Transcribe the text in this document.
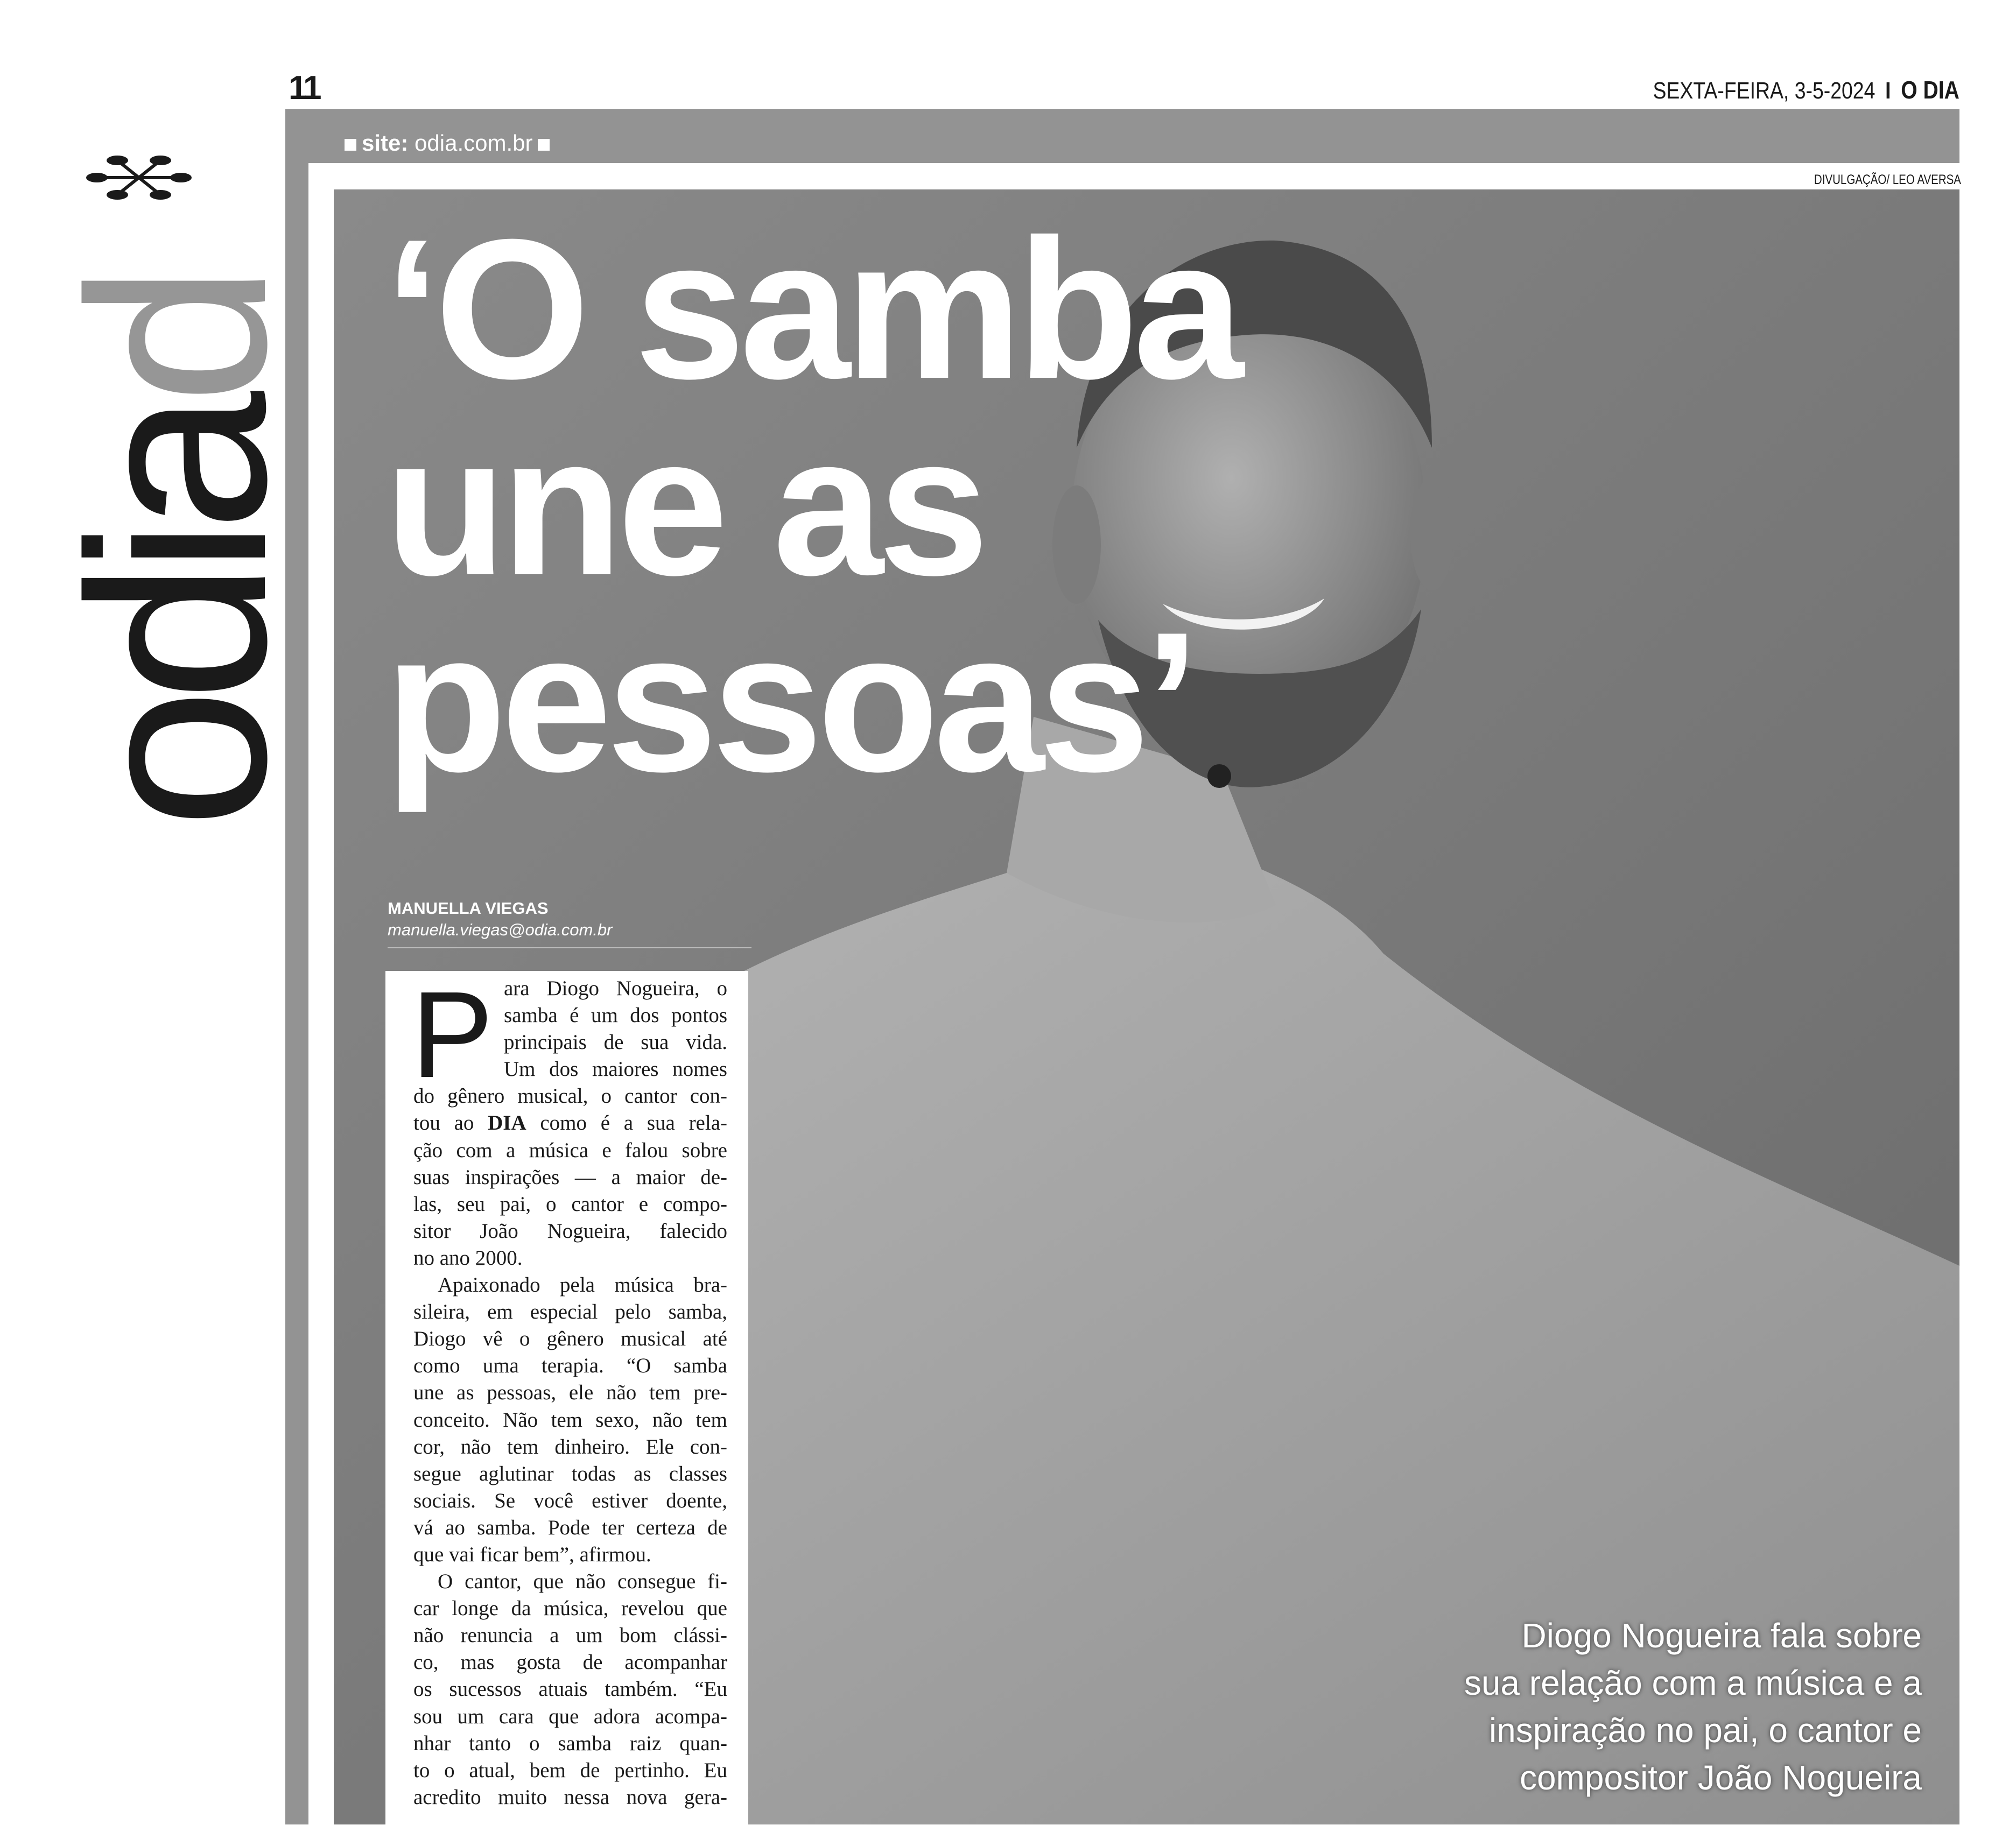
11	SEXTA-FEIRA, 3-5-2024 I O DIA
site: odia.com.br
odiad
DIVULGAÇÃO/ LEO AVERSA
‘O samba
une as
pessoas’
MANUELLA VIEGAS
manuella.viegas@odia.com.br
P ara Diogo Nogueira, o
samba é um dos pontos
principais de sua vida.
Um dos maiores nomes
do gênero musical, o cantor con-
tou ao DIA como é a sua rela-
ção com a música e falou sobre
suas inspirações — a maior de-
las, seu pai, o cantor e compo-
sitor João Nogueira, falecido
no ano 2000.
Apaixonado pela música bra-
sileira, em especial pelo samba,
Diogo vê o gênero musical até
como uma terapia. “O samba
une as pessoas, ele não tem pre-
conceito. Não tem sexo, não tem
cor, não tem dinheiro. Ele con-
segue aglutinar todas as classes
sociais. Se você estiver doente,
vá ao samba. Pode ter certeza de
que vai ficar bem”, afirmou.
O cantor, que não consegue fi-
car longe da música, revelou que
não renuncia a um bom clássi-
co, mas gosta de acompanhar
os sucessos atuais também. “Eu
sou um cara que adora acompa-
nhar tanto o samba raiz quan-
to o atual, bem de pertinho. Eu
acredito muito nessa nova gera-
Diogo Nogueira fala sobre
sua relação com a música e a
inspiração no pai, o cantor e
compositor João Nogueira
